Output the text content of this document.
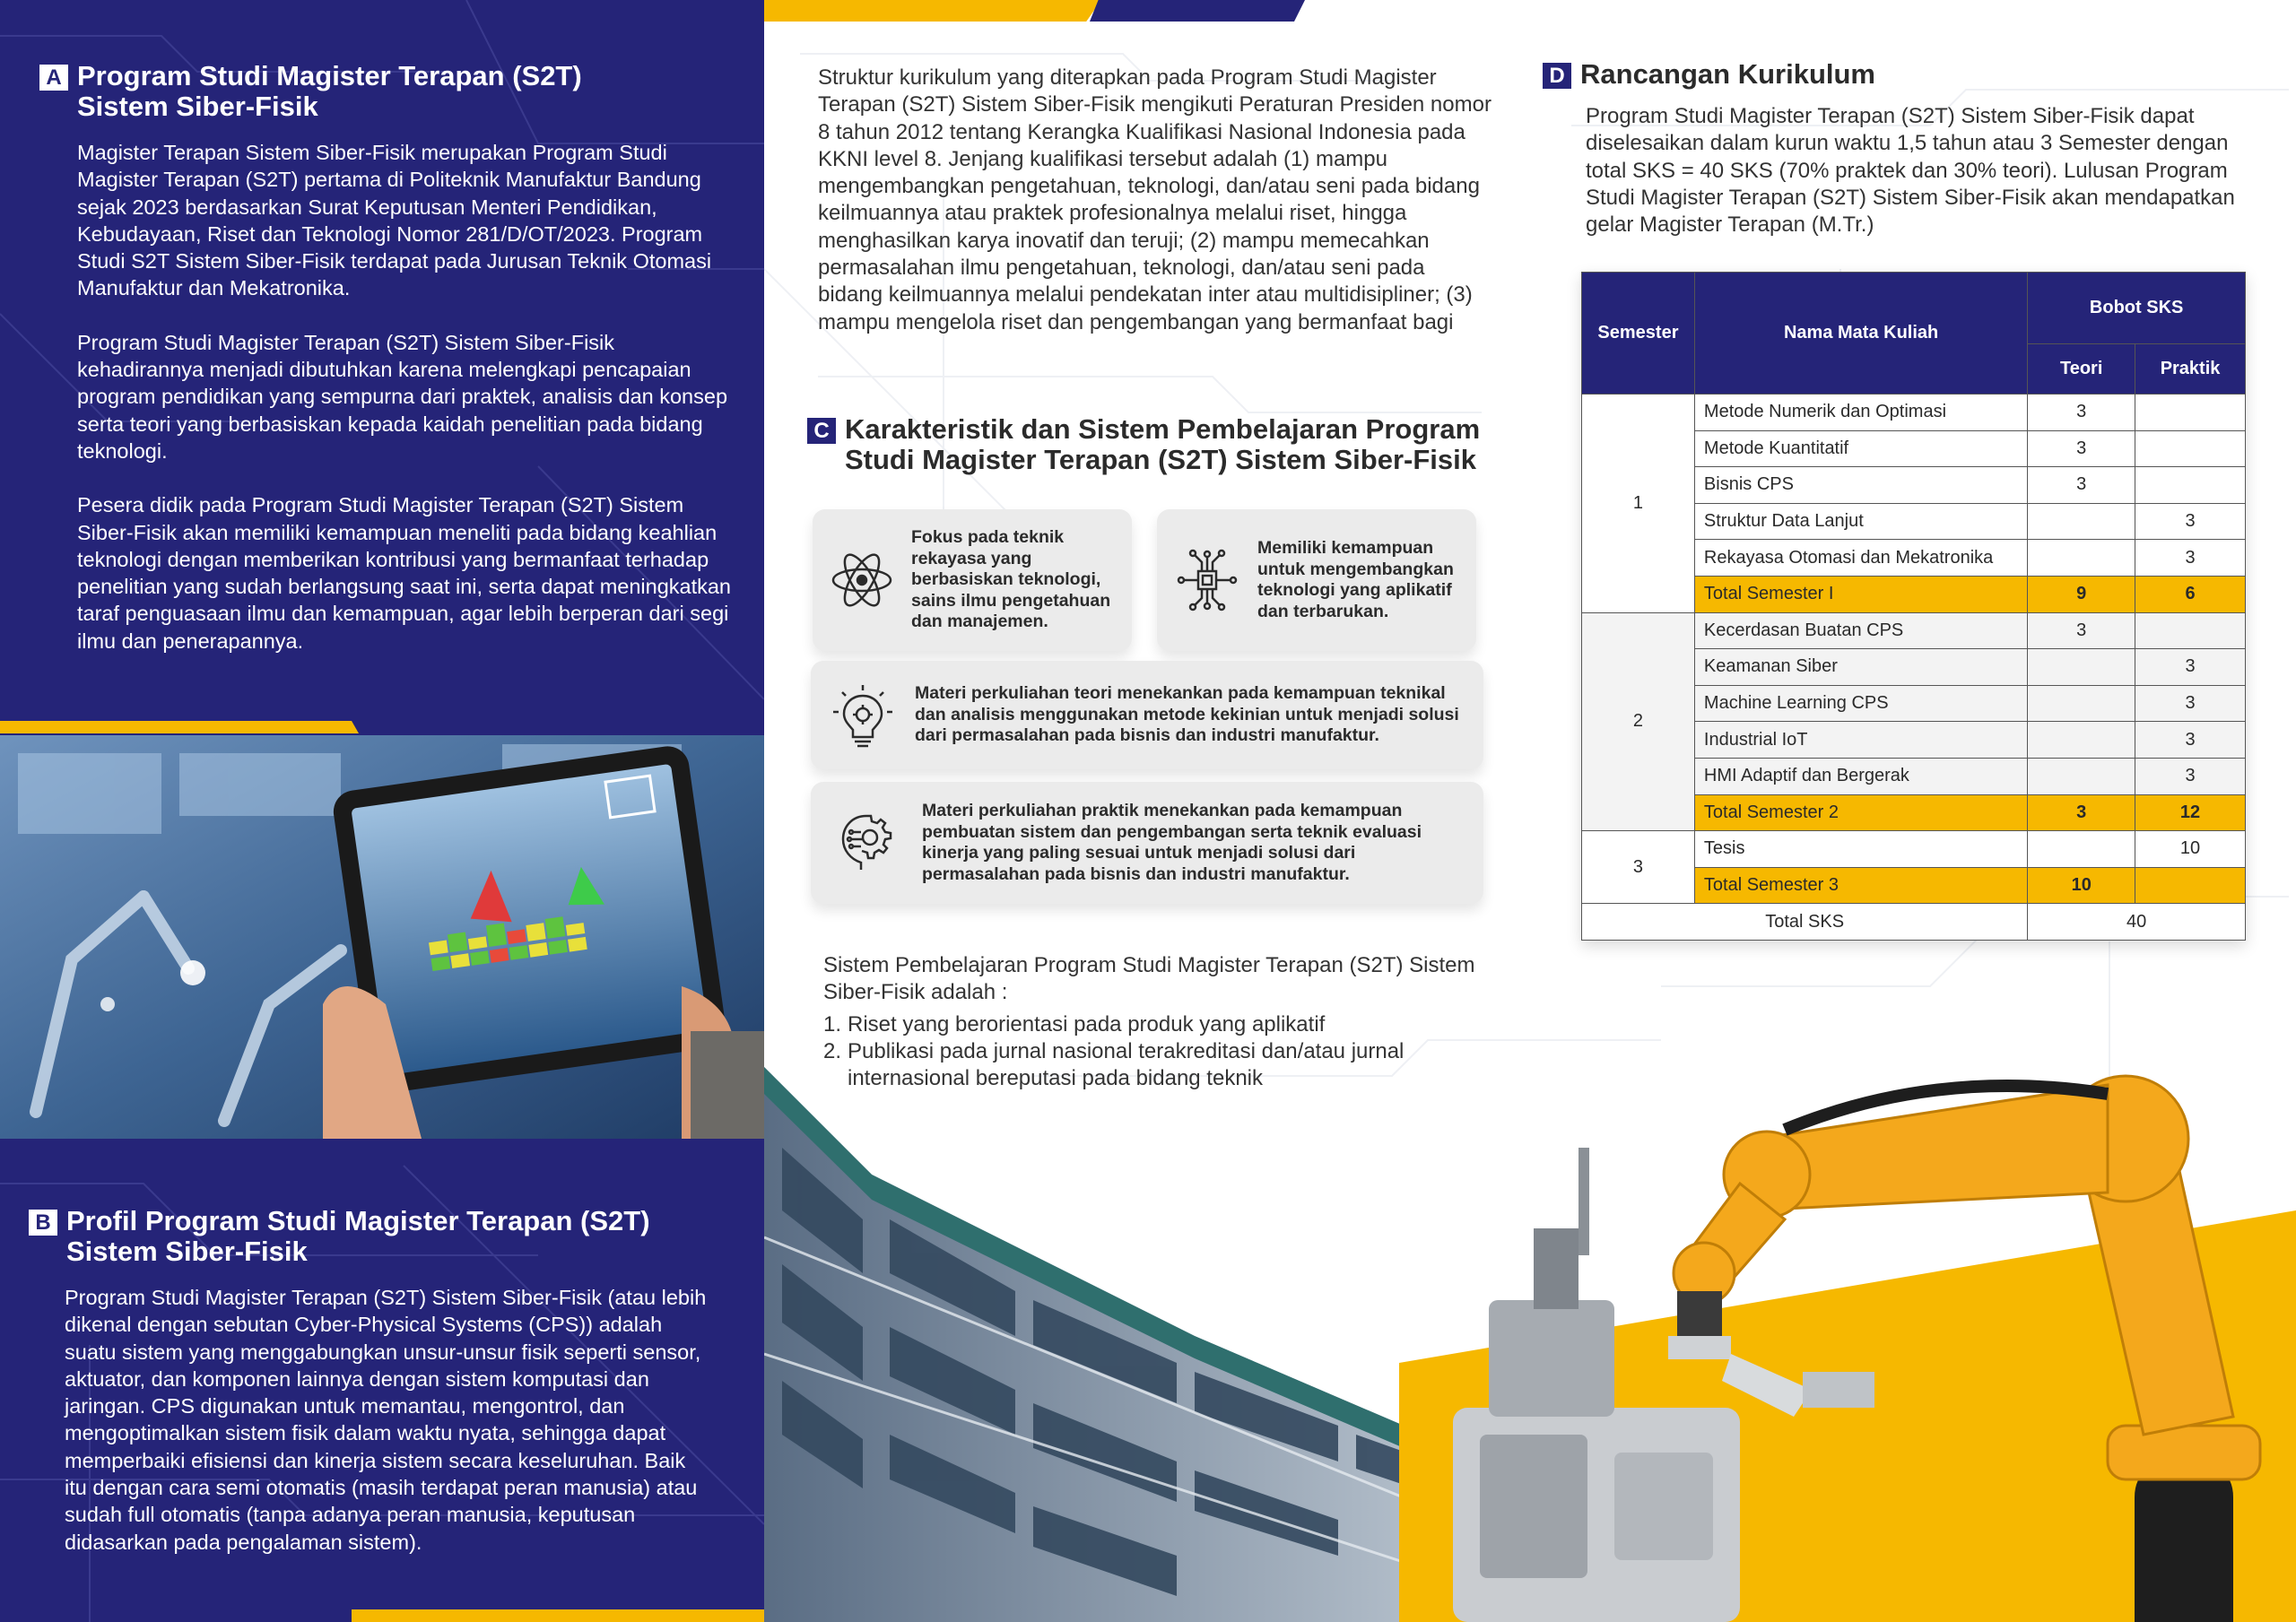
A Program Studi Magister Terapan (S2T)
Sistem Siber-Fisik

Magister Terapan Sistem Siber-Fisik merupakan Program Studi Magister Terapan (S2T) pertama di Politeknik Manufaktur Bandung sejak 2023 berdasarkan Surat Keputusan Menteri Pendidikan, Kebudayaan, Riset dan Teknologi Nomor 281/D/OT/2023. Program Studi S2T Sistem Siber-Fisik terdapat pada Jurusan Teknik Otomasi Manufaktur dan Mekatronika.

Program Studi Magister Terapan (S2T) Sistem Siber-Fisik kehadirannya menjadi dibutuhkan karena melengkapi pencapaian program pendidikan yang sempurna dari praktek, analisis dan konsep serta teori yang berbasiskan kepada kaidah penelitian pada bidang teknologi.

Pesera didik pada Program Studi Magister Terapan (S2T) Sistem Siber-Fisik akan memiliki kemampuan meneliti pada bidang keahlian teknologi dengan memberikan kontribusi yang bermanfaat terhadap penelitian yang sudah berlangsung saat ini, serta dapat meningkatkan taraf penguasaan ilmu dan kemampuan, agar lebih berperan dari segi ilmu dan penerapannya.

B Profil Program Studi Magister Terapan (S2T)
Sistem Siber-Fisik

Program Studi Magister Terapan (S2T) Sistem Siber-Fisik (atau lebih dikenal dengan sebutan Cyber-Physical Systems (CPS)) adalah suatu sistem yang menggabungkan unsur-unsur fisik seperti sensor, aktuator, dan komponen lainnya dengan sistem komputasi dan jaringan. CPS digunakan untuk memantau, mengontrol, dan mengoptimalkan sistem fisik dalam waktu nyata, sehingga dapat memperbaiki efisiensi dan kinerja sistem secara keseluruhan. Baik itu dengan cara semi otomatis (masih terdapat peran manusia) atau sudah full otomatis (tanpa adanya peran manusia, keputusan didasarkan pada pengalaman sistem).

Struktur kurikulum yang diterapkan pada Program Studi Magister Terapan (S2T) Sistem Siber-Fisik mengikuti Peraturan Presiden nomor 8 tahun 2012 tentang Kerangka Kualifikasi Nasional Indonesia pada KKNI level 8. Jenjang kualifikasi tersebut adalah (1) mampu mengembangkan pengetahuan, teknologi, dan/atau seni pada bidang keilmuannya atau praktek profesionalnya melalui riset, hingga menghasilkan karya inovatif dan teruji; (2) mampu memecahkan permasalahan ilmu pengetahuan, teknologi, dan/atau seni pada bidang keilmuannya melalui pendekatan inter atau multidisipliner; (3) mampu mengelola riset dan pengembangan yang bermanfaat bagi
C Karakteristik dan Sistem Pembelajaran Program
Studi Magister Terapan (S2T) Sistem Siber-Fisik
Fokus pada teknik rekayasa yang berbasiskan teknologi, sains ilmu pengetahuan dan manajemen.
Memiliki kemampuan untuk mengembangkan teknologi yang aplikatif dan terbarukan.
Materi perkuliahan teori menekankan pada kemampuan teknikal dan analisis menggunakan metode kekinian untuk menjadi solusi dari permasalahan pada bisnis dan industri manufaktur.
Materi perkuliahan praktik menekankan pada kemampuan pembuatan sistem dan pengembangan serta teknik evaluasi kinerja yang paling sesuai untuk menjadi solusi dari permasalahan pada bisnis dan industri manufaktur.
Sistem Pembelajaran Program Studi Magister Terapan (S2T) Sistem Siber-Fisik adalah :
1. Riset yang berorientasi pada produk yang aplikatif
2. Publikasi pada jurnal nasional terakreditasi dan/atau jurnal internasional bereputasi pada bidang teknik
D Rancangan Kurikulum
Program Studi Magister Terapan (S2T) Sistem Siber-Fisik dapat diselesaikan dalam kurun waktu 1,5 tahun atau 3 Semester dengan total SKS = 40 SKS (70% praktek dan 30% teori). Lulusan Program Studi Magister Terapan (S2T) Sistem Siber-Fisik akan mendapatkan gelar Magister Terapan (M.Tr.)
Semester	Nama Mata Kuliah	Bobot SKS	
		Teori	Praktik
1	Metode Numerik dan Optimasi	3	
	Metode Kuantitatif	3	
	Bisnis CPS	3	
	Struktur Data Lanjut		3
	Rekayasa Otomasi dan Mekatronika		3
	Total Semester I	9	6
2	Kecerdasan Buatan CPS	3	
	Keamanan Siber		3
	Machine Learning CPS		3
	Industrial IoT		3
	HMI Adaptif dan Bergerak		3
	Total Semester 2	3	12
3	Tesis		10
	Total Semester 3	10	
Total SKS		40	
